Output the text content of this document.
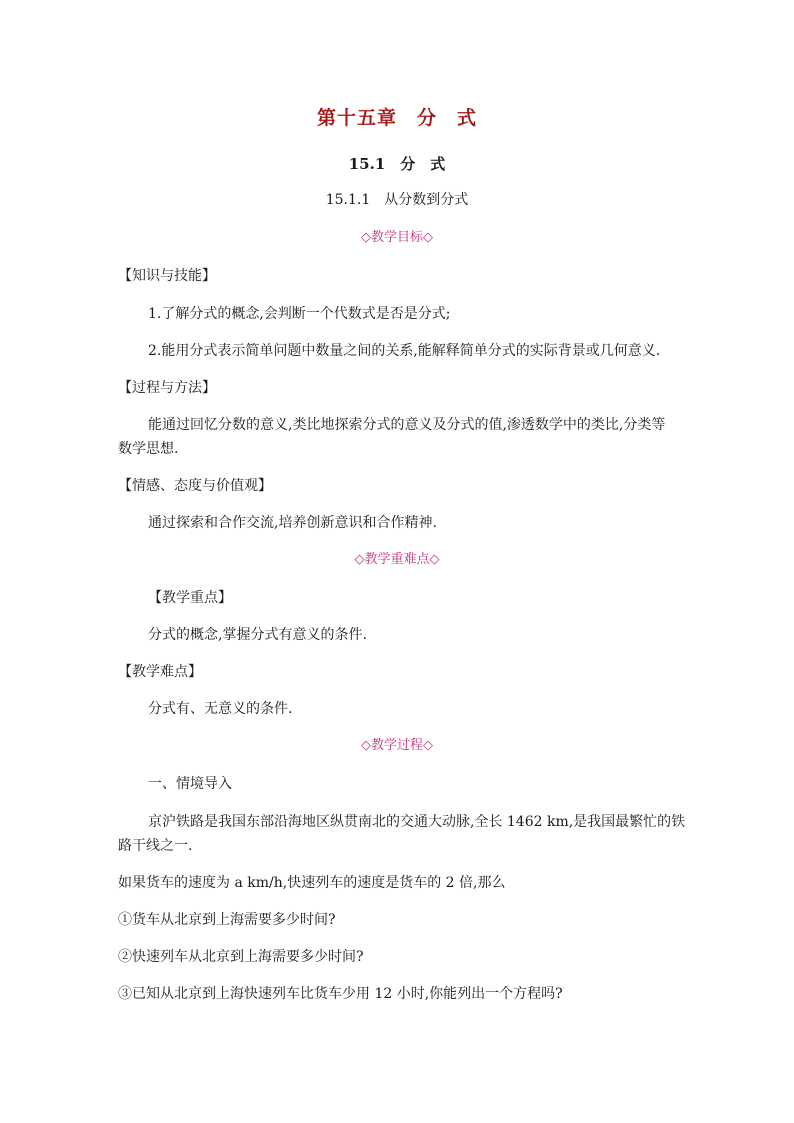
第十五章　分　式
15.1　分　式
15.1.1　从分数到分式
◇教学目标◇
【知识与技能】
1.了解分式的概念,会判断一个代数式是否是分式;
2.能用分式表示简单问题中数量之间的关系,能解释简单分式的实际背景或几何意义.
【过程与方法】
能通过回忆分数的意义,类比地探索分式的意义及分式的值,渗透数学中的类比,分类等
数学思想.
【情感、态度与价值观】
通过探索和合作交流,培养创新意识和合作精神.
◇教学重难点◇
【教学重点】
分式的概念,掌握分式有意义的条件.
【教学难点】
分式有、无意义的条件.
◇教学过程◇
一、情境导入
京沪铁路是我国东部沿海地区纵贯南北的交通大动脉,全长 1462 km,是我国最繁忙的铁
路干线之一.
如果货车的速度为 a km/h,快速列车的速度是货车的 2 倍,那么
①货车从北京到上海需要多少时间?
②快速列车从北京到上海需要多少时间?
③已知从北京到上海快速列车比货车少用 12 小时,你能列出一个方程吗?
